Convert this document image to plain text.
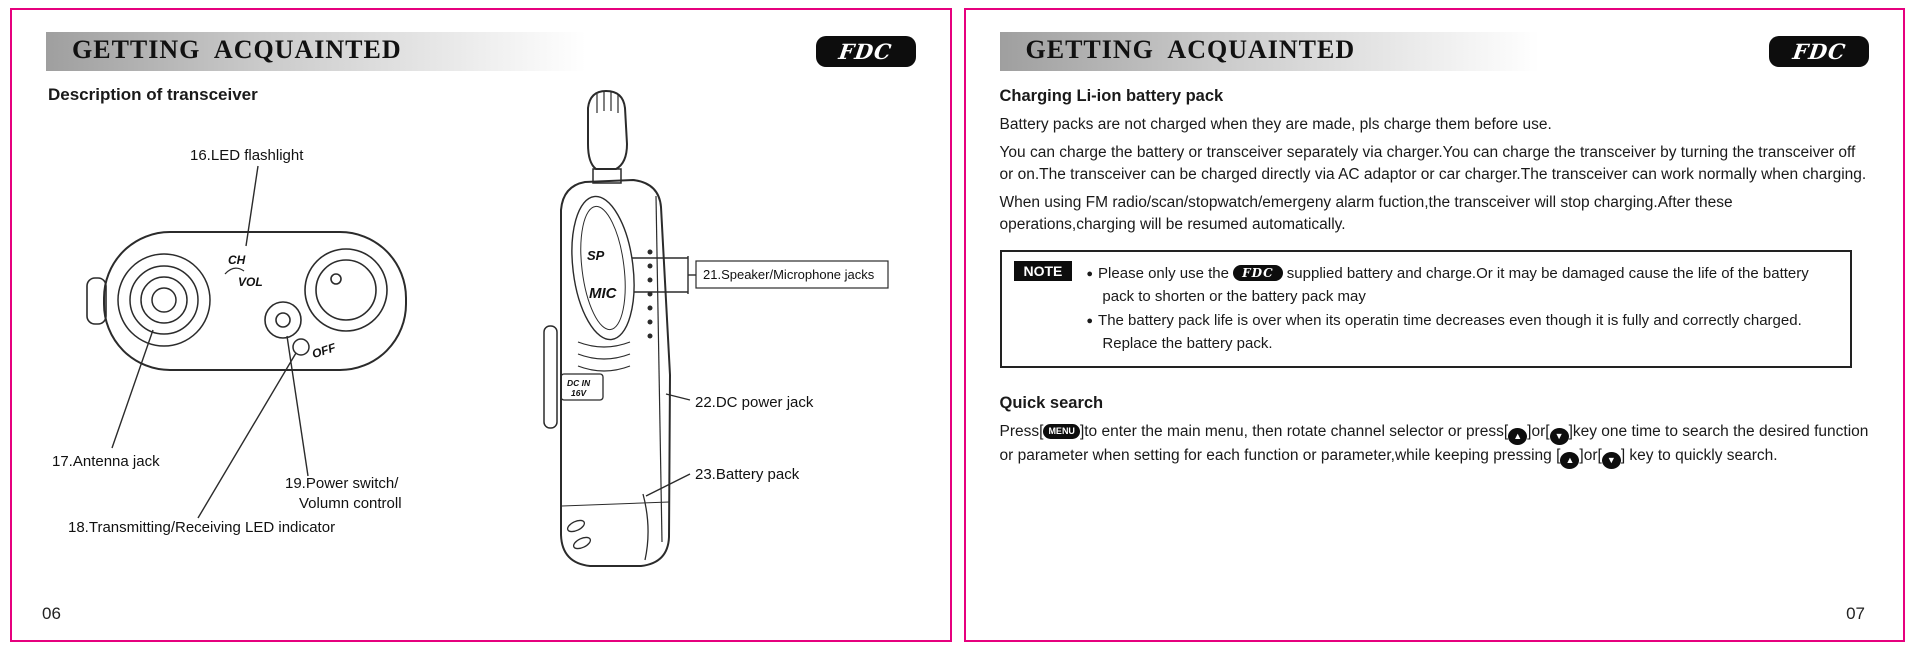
GETTING  ACQUAINTED	FDC
Description of transceiver
16.LED flashlight
17.Antenna jack
18.Transmitting/Receiving LED indicator
19.Power switch/
Volumn controll
21.Speaker/Microphone jacks
22.DC power jack
23.Battery pack
CH
VOL
OFF
SP
MIC
DC IN
16V
06
GETTING  ACQUAINTED	FDC
Charging Li-ion battery pack

Battery packs are not charged when they are made, pls charge them before use.

You can charge the battery or transceiver separately via charger.You can charge the transceiver by turning the transceiver off or on.The transceiver can be charged directly via AC adaptor or car charger.The transceiver can work normally when charging.

When using FM radio/scan/stopwatch/emergeny alarm fuction,the transceiver will stop charging.After these operations,charging will be resumed automatically.

NOTE	● Please only use the FDC supplied battery and charge.Or it may be damaged cause the life of the battery pack to shorten or the battery pack may
● The battery pack life is over when its operatin time decreases even though it is fully and correctly charged. Replace the battery pack.
Quick search

Press[ MENU ]to enter the main menu, then rotate channel selector or press[ ▲ ]or[ ▼ ]key one time to search the desired function or parameter when setting for each function or parameter,while keeping pressing [ ▲ ]or[ ▼ ] key to quickly search.

07
